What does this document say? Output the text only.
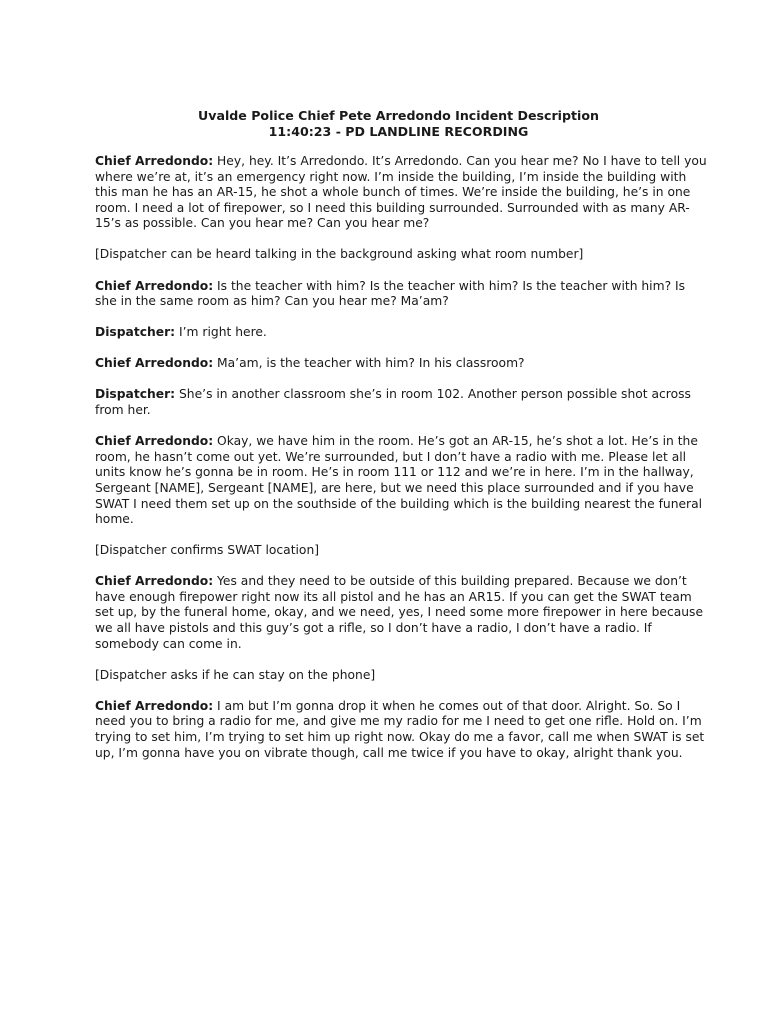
Uvalde Police Chief Pete Arredondo Incident Description
11:40:23 - PD LANDLINE RECORDING

Chief Arredondo: Hey, hey. It’s Arredondo. It’s Arredondo. Can you hear me? No I have to tell you where we’re at, it’s an emergency right now. I’m inside the building, I’m inside the building with this man he has an AR-15, he shot a whole bunch of times. We’re inside the building, he’s in one room. I need a lot of firepower, so I need this building surrounded. Surrounded with as many AR-15’s as possible. Can you hear me? Can you hear me?

[Dispatcher can be heard talking in the background asking what room number]

Chief Arredondo: Is the teacher with him? Is the teacher with him? Is the teacher with him? Is she in the same room as him? Can you hear me? Ma’am?

Dispatcher: I’m right here.

Chief Arredondo: Ma’am, is the teacher with him? In his classroom?

Dispatcher: She’s in another classroom she’s in room 102. Another person possible shot across from her.

Chief Arredondo: Okay, we have him in the room. He’s got an AR-15, he’s shot a lot. He’s in the room, he hasn’t come out yet. We’re surrounded, but I don’t have a radio with me. Please let all units know he’s gonna be in room. He’s in room 111 or 112 and we’re in here. I’m in the hallway, Sergeant [NAME], Sergeant [NAME], are here, but we need this place surrounded and if you have SWAT I need them set up on the southside of the building which is the building nearest the funeral home.

[Dispatcher confirms SWAT location]

Chief Arredondo: Yes and they need to be outside of this building prepared. Because we don’t have enough firepower right now its all pistol and he has an AR15. If you can get the SWAT team set up, by the funeral home, okay, and we need, yes, I need some more firepower in here because we all have pistols and this guy’s got a rifle, so I don’t have a radio, I don’t have a radio. If somebody can come in.

[Dispatcher asks if he can stay on the phone]

Chief Arredondo: I am but I’m gonna drop it when he comes out of that door. Alright. So. So I need you to bring a radio for me, and give me my radio for me I need to get one rifle. Hold on. I’m trying to set him, I’m trying to set him up right now. Okay do me a favor, call me when SWAT is set up, I’m gonna have you on vibrate though, call me twice if you have to okay, alright thank you.
